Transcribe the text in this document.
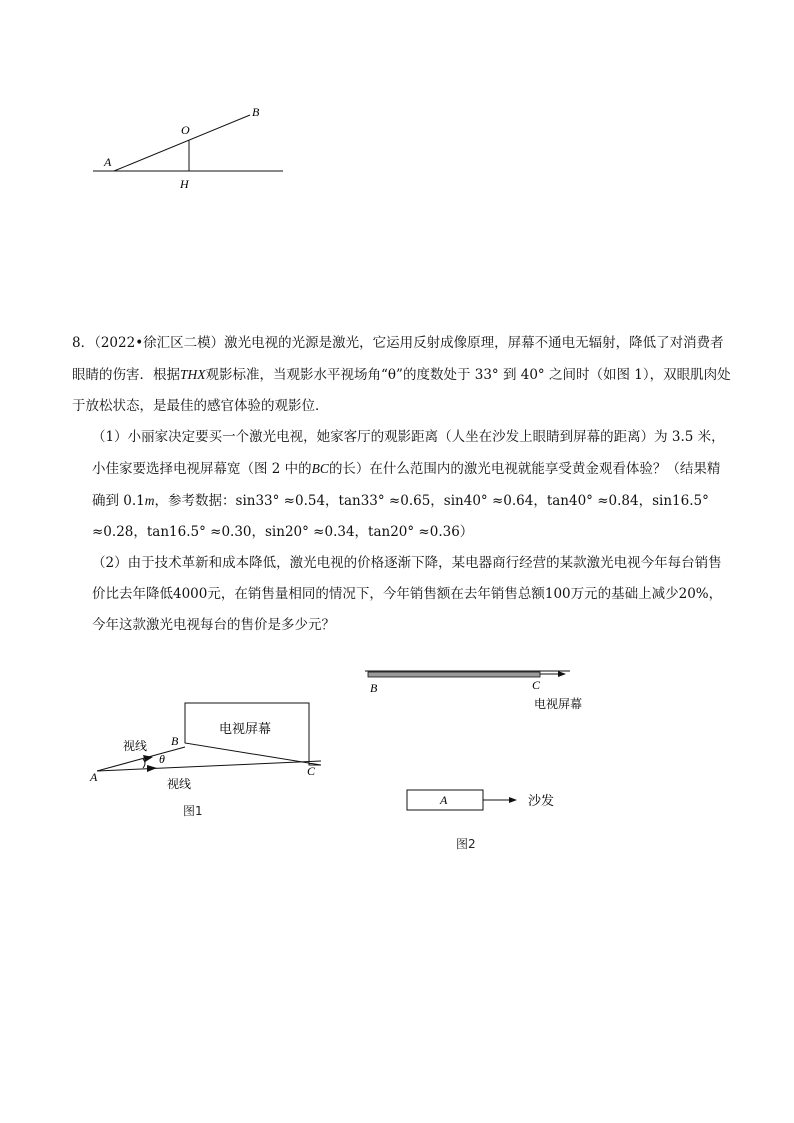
A
B
O
H

8．（2022•徐汇区二模）激光电视的光源是激光，它运用反射成像原理，屏幕不通电无辐射，降低了对消费者眼睛的伤害．根据THX观影标准，当观影水平视场角“θ”的度数处于 33° 到 40° 之间时（如图 1），双眼肌肉处于放松状态，是最佳的感官体验的观影位．

（1）小丽家决定要买一个激光电视，她家客厅的观影距离（人坐在沙发上眼睛到屏幕的距离）为 3.5 米，小佳家要选择电视屏幕宽（图 2 中的BC的长）在什么范围内的激光电视就能享受黄金观看体验？（结果精确到 0.1m，参考数据：sin33° ≈0.54，tan33° ≈0.65，sin40° ≈0.64，tan40° ≈0.84，sin16.5° ≈0.28，tan16.5° ≈0.30，sin20° ≈0.34，tan20° ≈0.36）

（2）由于技术革新和成本降低，激光电视的价格逐渐下降，某电器商行经营的某款激光电视今年每台销售价比去年降低4000元，在销售量相同的情况下，今年销售额在去年销售总额100万元的基础上减少20%，今年这款激光电视每台的售价是多少元？

电视屏幕
视线
视线
θ
A
B
C
图1
B	C
电视屏幕
A	沙发
图2
